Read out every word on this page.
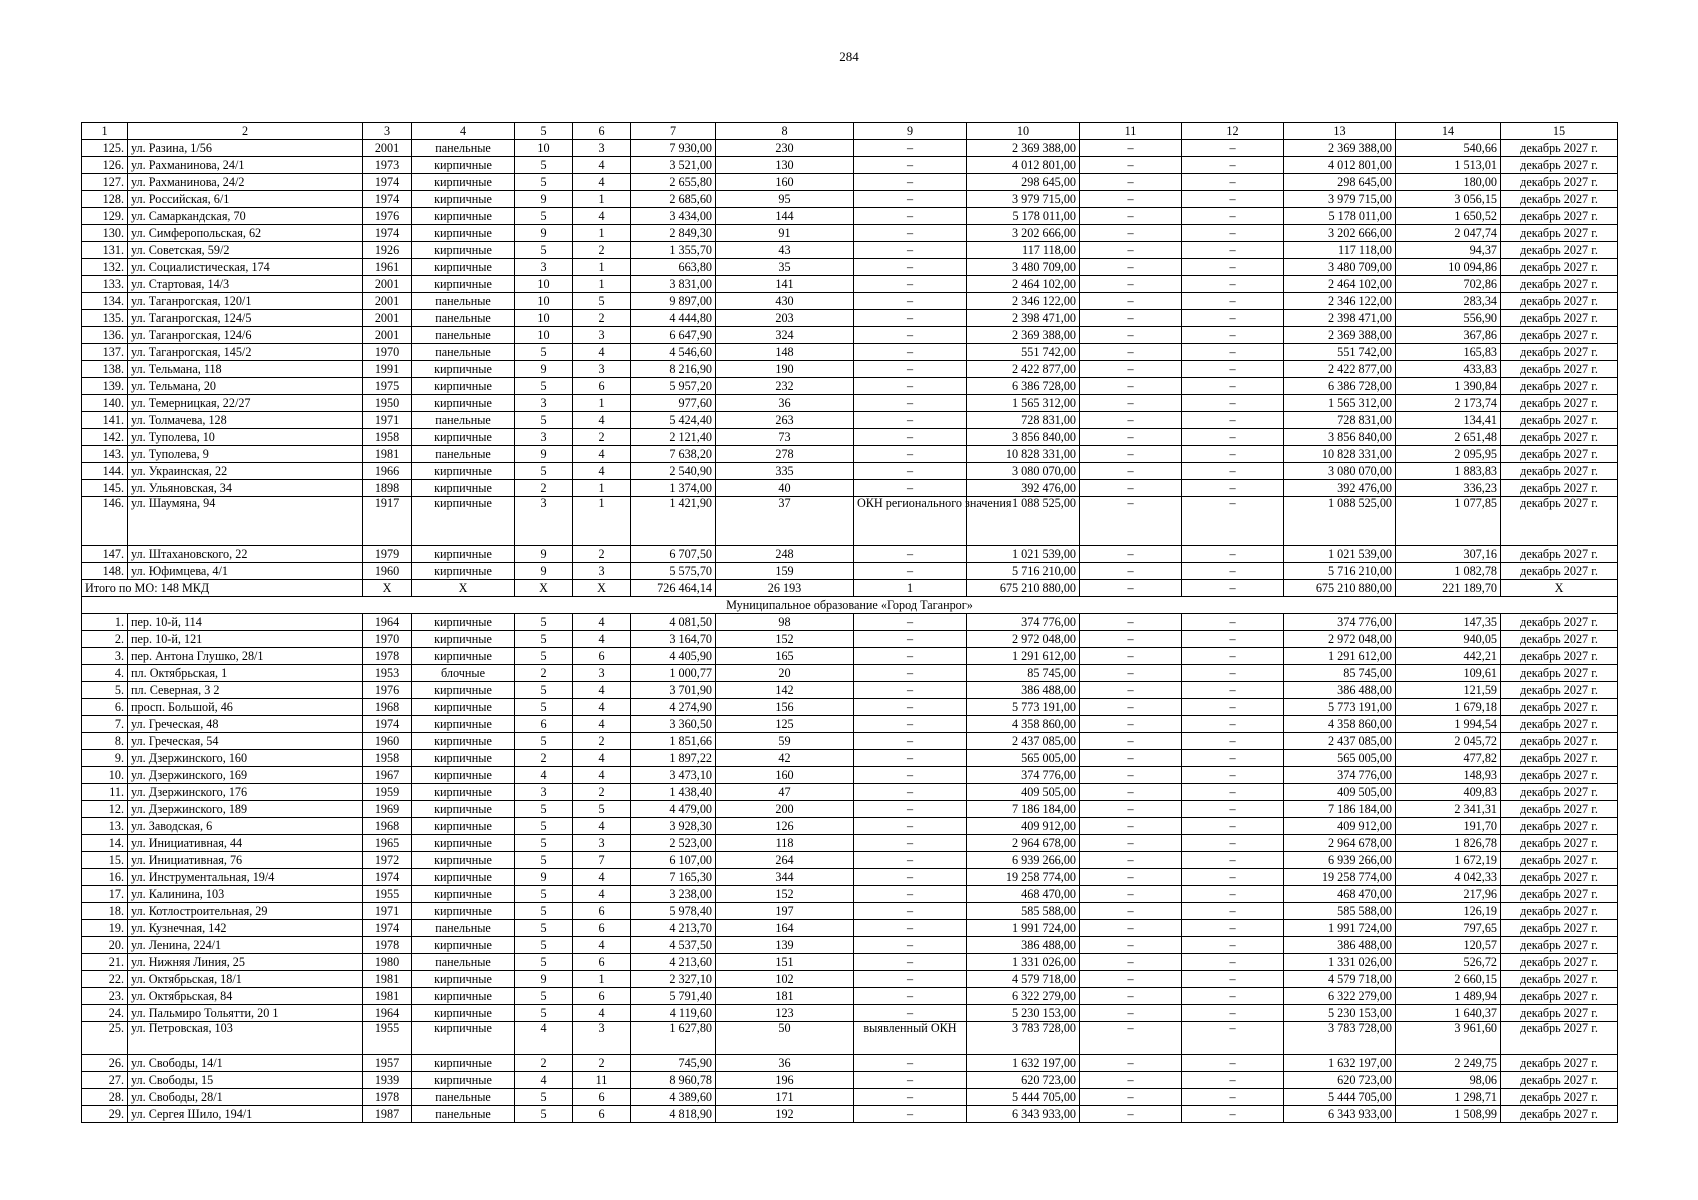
284
1	2	3	4	5	6	7	8	9	10	11	12	13	14	15
125.	ул. Разина, 1/56	2001	панельные	10	3	7 930,00	230	–	2 369 388,00	–	–	2 369 388,00	540,66	декабрь 2027 г.
126.	ул. Рахманинова, 24/1	1973	кирпичные	5	4	3 521,00	130	–	4 012 801,00	–	–	4 012 801,00	1 513,01	декабрь 2027 г.
127.	ул. Рахманинова, 24/2	1974	кирпичные	5	4	2 655,80	160	–	298 645,00	–	–	298 645,00	180,00	декабрь 2027 г.
128.	ул. Российская, 6/1	1974	кирпичные	9	1	2 685,60	95	–	3 979 715,00	–	–	3 979 715,00	3 056,15	декабрь 2027 г.
129.	ул. Самаркандская, 70	1976	кирпичные	5	4	3 434,00	144	–	5 178 011,00	–	–	5 178 011,00	1 650,52	декабрь 2027 г.
130.	ул. Симферопольская, 62	1974	кирпичные	9	1	2 849,30	91	–	3 202 666,00	–	–	3 202 666,00	2 047,74	декабрь 2027 г.
131.	ул. Советская, 59/2	1926	кирпичные	5	2	1 355,70	43	–	117 118,00	–	–	117 118,00	94,37	декабрь 2027 г.
132.	ул. Социалистическая, 174	1961	кирпичные	3	1	663,80	35	–	3 480 709,00	–	–	3 480 709,00	10 094,86	декабрь 2027 г.
133.	ул. Стартовая, 14/3	2001	кирпичные	10	1	3 831,00	141	–	2 464 102,00	–	–	2 464 102,00	702,86	декабрь 2027 г.
134.	ул. Таганрогская, 120/1	2001	панельные	10	5	9 897,00	430	–	2 346 122,00	–	–	2 346 122,00	283,34	декабрь 2027 г.
135.	ул. Таганрогская, 124/5	2001	панельные	10	2	4 444,80	203	–	2 398 471,00	–	–	2 398 471,00	556,90	декабрь 2027 г.
136.	ул. Таганрогская, 124/6	2001	панельные	10	3	6 647,90	324	–	2 369 388,00	–	–	2 369 388,00	367,86	декабрь 2027 г.
137.	ул. Таганрогская, 145/2	1970	панельные	5	4	4 546,60	148	–	551 742,00	–	–	551 742,00	165,83	декабрь 2027 г.
138.	ул. Тельмана, 118	1991	кирпичные	9	3	8 216,90	190	–	2 422 877,00	–	–	2 422 877,00	433,83	декабрь 2027 г.
139.	ул. Тельмана, 20	1975	кирпичные	5	6	5 957,20	232	–	6 386 728,00	–	–	6 386 728,00	1 390,84	декабрь 2027 г.
140.	ул. Темерницкая, 22/27	1950	кирпичные	3	1	977,60	36	–	1 565 312,00	–	–	1 565 312,00	2 173,74	декабрь 2027 г.
141.	ул. Толмачева, 128	1971	панельные	5	4	5 424,40	263	–	728 831,00	–	–	728 831,00	134,41	декабрь 2027 г.
142.	ул. Туполева, 10	1958	кирпичные	3	2	2 121,40	73	–	3 856 840,00	–	–	3 856 840,00	2 651,48	декабрь 2027 г.
143.	ул. Туполева, 9	1981	панельные	9	4	7 638,20	278	–	10 828 331,00	–	–	10 828 331,00	2 095,95	декабрь 2027 г.
144.	ул. Украинская, 22	1966	кирпичные	5	4	2 540,90	335	–	3 080 070,00	–	–	3 080 070,00	1 883,83	декабрь 2027 г.
145.	ул. Ульяновская, 34	1898	кирпичные	2	1	1 374,00	40	–	392 476,00	–	–	392 476,00	336,23	декабрь 2027 г.
146.	ул. Шаумяна, 94	1917	кирпичные	3	1	1 421,90	37	ОКН регионального значения	1 088 525,00	–	–	1 088 525,00	1 077,85	декабрь 2027 г.
147.	ул. Штахановского, 22	1979	кирпичные	9	2	6 707,50	248	–	1 021 539,00	–	–	1 021 539,00	307,16	декабрь 2027 г.
148.	ул. Юфимцева, 4/1	1960	кирпичные	9	3	5 575,70	159	–	5 716 210,00	–	–	5 716 210,00	1 082,78	декабрь 2027 г.
Итого по МО: 148 МКД		X	X	X	X	726 464,14	26 193	1	675 210 880,00	–	–	675 210 880,00	221 189,70	X
Муниципальное образование «Город Таганрог»														
1.	пер. 10-й, 114	1964	кирпичные	5	4	4 081,50	98	–	374 776,00	–	–	374 776,00	147,35	декабрь 2027 г.
2.	пер. 10-й, 121	1970	кирпичные	5	4	3 164,70	152	–	2 972 048,00	–	–	2 972 048,00	940,05	декабрь 2027 г.
3.	пер. Антона Глушко, 28/1	1978	кирпичные	5	6	4 405,90	165	–	1 291 612,00	–	–	1 291 612,00	442,21	декабрь 2027 г.
4.	пл. Октябрьская, 1	1953	блочные	2	3	1 000,77	20	–	85 745,00	–	–	85 745,00	109,61	декабрь 2027 г.
5.	пл. Северная, 3 2	1976	кирпичные	5	4	3 701,90	142	–	386 488,00	–	–	386 488,00	121,59	декабрь 2027 г.
6.	просп. Большой, 46	1968	кирпичные	5	4	4 274,90	156	–	5 773 191,00	–	–	5 773 191,00	1 679,18	декабрь 2027 г.
7.	ул. Греческая, 48	1974	кирпичные	6	4	3 360,50	125	–	4 358 860,00	–	–	4 358 860,00	1 994,54	декабрь 2027 г.
8.	ул. Греческая, 54	1960	кирпичные	5	2	1 851,66	59	–	2 437 085,00	–	–	2 437 085,00	2 045,72	декабрь 2027 г.
9.	ул. Дзержинского, 160	1958	кирпичные	2	4	1 897,22	42	–	565 005,00	–	–	565 005,00	477,82	декабрь 2027 г.
10.	ул. Дзержинского, 169	1967	кирпичные	4	4	3 473,10	160	–	374 776,00	–	–	374 776,00	148,93	декабрь 2027 г.
11.	ул. Дзержинского, 176	1959	кирпичные	3	2	1 438,40	47	–	409 505,00	–	–	409 505,00	409,83	декабрь 2027 г.
12.	ул. Дзержинского, 189	1969	кирпичные	5	5	4 479,00	200	–	7 186 184,00	–	–	7 186 184,00	2 341,31	декабрь 2027 г.
13.	ул. Заводская, 6	1968	кирпичные	5	4	3 928,30	126	–	409 912,00	–	–	409 912,00	191,70	декабрь 2027 г.
14.	ул. Инициативная, 44	1965	кирпичные	5	3	2 523,00	118	–	2 964 678,00	–	–	2 964 678,00	1 826,78	декабрь 2027 г.
15.	ул. Инициативная, 76	1972	кирпичные	5	7	6 107,00	264	–	6 939 266,00	–	–	6 939 266,00	1 672,19	декабрь 2027 г.
16.	ул. Инструментальная, 19/4	1974	кирпичные	9	4	7 165,30	344	–	19 258 774,00	–	–	19 258 774,00	4 042,33	декабрь 2027 г.
17.	ул. Калинина, 103	1955	кирпичные	5	4	3 238,00	152	–	468 470,00	–	–	468 470,00	217,96	декабрь 2027 г.
18.	ул. Котлостроительная, 29	1971	кирпичные	5	6	5 978,40	197	–	585 588,00	–	–	585 588,00	126,19	декабрь 2027 г.
19.	ул. Кузнечная, 142	1974	панельные	5	6	4 213,70	164	–	1 991 724,00	–	–	1 991 724,00	797,65	декабрь 2027 г.
20.	ул. Ленина, 224/1	1978	кирпичные	5	4	4 537,50	139	–	386 488,00	–	–	386 488,00	120,57	декабрь 2027 г.
21.	ул. Нижняя Линия, 25	1980	панельные	5	6	4 213,60	151	–	1 331 026,00	–	–	1 331 026,00	526,72	декабрь 2027 г.
22.	ул. Октябрьская, 18/1	1981	кирпичные	9	1	2 327,10	102	–	4 579 718,00	–	–	4 579 718,00	2 660,15	декабрь 2027 г.
23.	ул. Октябрьская, 84	1981	кирпичные	5	6	5 791,40	181	–	6 322 279,00	–	–	6 322 279,00	1 489,94	декабрь 2027 г.
24.	ул. Пальмиро Тольятти, 20 1	1964	кирпичные	5	4	4 119,60	123	–	5 230 153,00	–	–	5 230 153,00	1 640,37	декабрь 2027 г.
25.	ул. Петровская, 103	1955	кирпичные	4	3	1 627,80	50	выявленный ОКН	3 783 728,00	–	–	3 783 728,00	3 961,60	декабрь 2027 г.
26.	ул. Свободы, 14/1	1957	кирпичные	2	2	745,90	36	–	1 632 197,00	–	–	1 632 197,00	2 249,75	декабрь 2027 г.
27.	ул. Свободы, 15	1939	кирпичные	4	11	8 960,78	196	–	620 723,00	–	–	620 723,00	98,06	декабрь 2027 г.
28.	ул. Свободы, 28/1	1978	панельные	5	6	4 389,60	171	–	5 444 705,00	–	–	5 444 705,00	1 298,71	декабрь 2027 г.
29.	ул. Сергея Шило, 194/1	1987	панельные	5	6	4 818,90	192	–	6 343 933,00	–	–	6 343 933,00	1 508,99	декабрь 2027 г.
